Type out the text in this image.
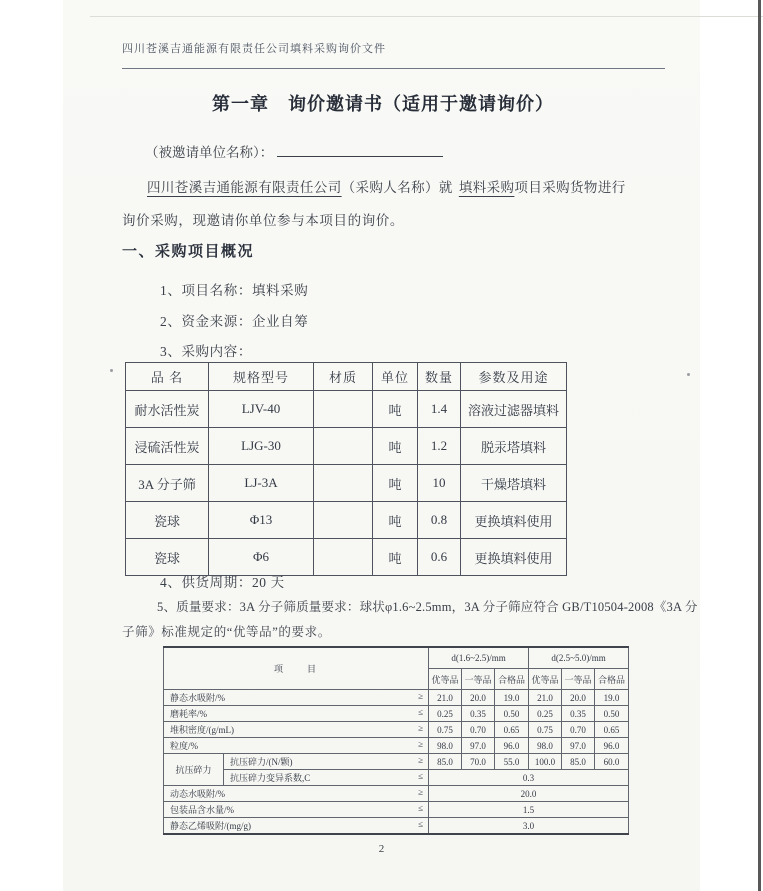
四川苍溪吉通能源有限责任公司填料采购询价文件
第一章　询价邀请书（适用于邀请询价）
（被邀请单位名称）：
四川苍溪吉通能源有限责任公司（采购人名称）就 填料采购项目采购货物进行
询价采购，现邀请你单位参与本项目的询价。
一、采购项目概况
1、项目名称：填料采购
2、资金来源：企业自筹
3、采购内容：
品 名	规格型号	材质	单位	数量	参数及用途
耐水活性炭	LJV-40		吨	1.4	溶液过滤器填料
浸硫活性炭	LJG-30		吨	1.2	脱汞塔填料
3A 分子筛	LJ-3A		吨	10	干燥塔填料
瓷球	Φ13		吨	0.8	更换填料使用
瓷球	Φ6		吨	0.6	更换填料使用
4、供货周期：20 天
5、质量要求：3A 分子筛质量要求：球状φ1.6~2.5mm，3A 分子筛应符合 GB/T10504-2008《3A 分
子筛》标准规定的“优等品”的要求。
项　　目		d(1.6~2.5)/mm			d(2.5~5.0)/mm		
		优等品	一等品	合格品	优等品	一等品	合格品

静态水吸附/% ≥		21.0	20.0	19.0	21.0	20.0	19.0

磨耗率/% ≤		0.25	0.35	0.50	0.25	0.35	0.50

堆积密度/(g/mL) ≥		0.75	0.70	0.65	0.75	0.70	0.65

粒度/% ≥		98.0	97.0	96.0	98.0	97.0	96.0
抗压碎力	抗压碎力/(N/颗) ≥	85.0	70.0	55.0	100.0	85.0	60.0

	抗压碎力变异系数,C ≤	0.3					

动态水吸附/% ≥		20.0					

包装品含水量/% ≤		1.5					

静态乙烯吸附/(mg/g) ≤		3.0					
2
